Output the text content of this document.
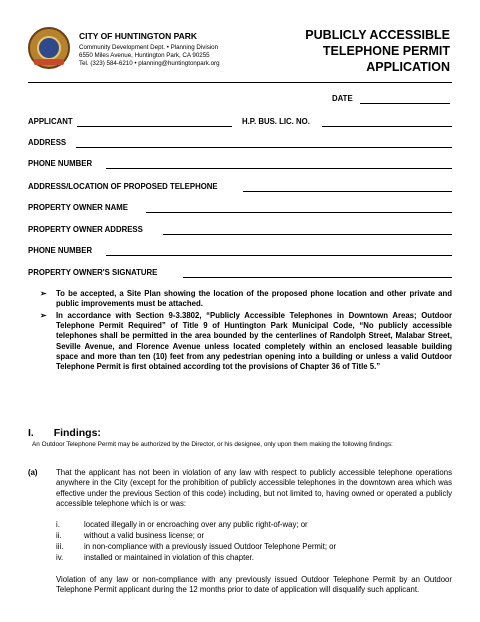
CITY OF HUNTINGTON PARK
Community Development Dept. • Planning Division
6550 Miles Avenue, Huntington Park, CA 90255
Tel. (323) 584-6210 • planning@huntingtonpark.org
PUBLICLY ACCESSIBLE
TELEPHONE PERMIT
APPLICATION
DATE
APPLICANT	H.P. BUS. LIC. NO.
ADDRESS
PHONE NUMBER
ADDRESS/LOCATION OF PROPOSED TELEPHONE
PROPERTY OWNER NAME
PROPERTY OWNER ADDRESS
PHONE NUMBER
PROPERTY OWNER'S SIGNATURE
➢ To be accepted, a Site Plan showing the location of the proposed phone location and other private and public improvements must be attached.
➢ In accordance with Section 9-3.3802, “Publicly Accessible Telephones in Downtown Areas; Outdoor Telephone Permit Required” of Title 9 of Huntington Park Municipal Code, “No publicly accessible telephones shall be permitted in the area bounded by the centerlines of Randolph Street, Malabar Street, Seville Avenue, and Florence Avenue unless located completely within an enclosed leasable building space and more than ten (10) feet from any pedestrian opening into a building or unless a valid Outdoor Telephone Permit is first obtained according tot the provisions of Chapter 36 of Title 5.”
I. Findings:
An Outdoor Telephone Permit may be authorized by the Director, or his designee, only upon them making the following findings:
(a) That the applicant has not been in violation of any law with respect to publicly accessible telephone operations anywhere in the City (except for the prohibition of publicly accessible telephones in the downtown area which was effective under the previous Section of this code) including, but not limited to, having owned or operated a publicly accessible telephone which is or was:
i.	located illegally in or encroaching over any public right-of-way; or
ii.	without a valid business license; or
iii.	in non-compliance with a previously issued Outdoor Telephone Permit; or
iv.	installed or maintained in violation of this chapter.
Violation of any law or non-compliance with any previously issued Outdoor Telephone Permit by an Outdoor Telephone Permit applicant during the 12 months prior to date of application will disqualify such applicant.
